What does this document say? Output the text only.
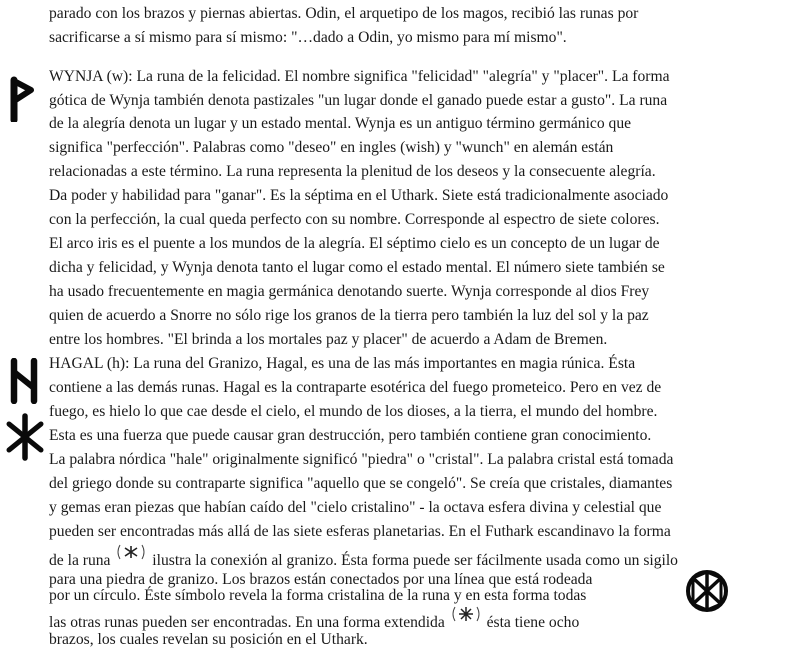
parado con los brazos y piernas abiertas. Odin, el arquetipo de los magos, recibió las runas por
sacrificarse a sí mismo para sí mismo: "…dado a Odin, yo mismo para mí mismo".
WYNJA (w): La runa de la felicidad. El nombre significa "felicidad" "alegría" y "placer". La forma
gótica de Wynja también denota pastizales "un lugar donde el ganado puede estar a gusto". La runa
de la alegría denota un lugar y un estado mental. Wynja es un antiguo término germánico que
significa "perfección". Palabras como "deseo" en ingles (wish) y "wunch" en alemán están
relacionadas a este término. La runa representa la plenitud de los deseos y la consecuente alegría.
Da poder y habilidad para "ganar". Es la séptima en el Uthark. Siete está tradicionalmente asociado
con la perfección, la cual queda perfecto con su nombre. Corresponde al espectro de siete colores.
El arco iris es el puente a los mundos de la alegría. El séptimo cielo es un concepto de un lugar de
dicha y felicidad, y Wynja denota tanto el lugar como el estado mental. El número siete también se
ha usado frecuentemente en magia germánica denotando suerte. Wynja corresponde al dios Frey
quien de acuerdo a Snorre no sólo rige los granos de la tierra pero también la luz del sol y la paz
entre los hombres. "El brinda a los mortales paz y placer" de acuerdo a Adam de Bremen.
HAGAL (h): La runa del Granizo, Hagal, es una de las más importantes en magia rúnica. Ésta
contiene a las demás runas. Hagal es la contraparte esotérica del fuego prometeico. Pero en vez de
fuego, es hielo lo que cae desde el cielo, el mundo de los dioses, a la tierra, el mundo del hombre.
Esta es una fuerza que puede causar gran destrucción, pero también contiene gran conocimiento.
La palabra nórdica "hale" originalmente significó "piedra" o "cristal". La palabra cristal está tomada
del griego donde su contraparte significa "aquello que se congeló". Se creía que cristales, diamantes
y gemas eran piezas que habían caído del "cielo cristalino" - la octava esfera divina y celestial que
pueden ser encontradas más allá de las siete esferas planetarias. En el Futhark escandinavo la forma
de la runa	ilustra la conexión al granizo. Ésta forma puede ser fácilmente usada como un sigilo
para una piedra de granizo. Los brazos están conectados por una línea que está rodeada
por un círculo. Éste símbolo revela la forma cristalina de la runa y en esta forma todas
las otras runas pueden ser encontradas. En una forma extendida	ésta tiene ocho
brazos, los cuales revelan su posición en el Uthark.
